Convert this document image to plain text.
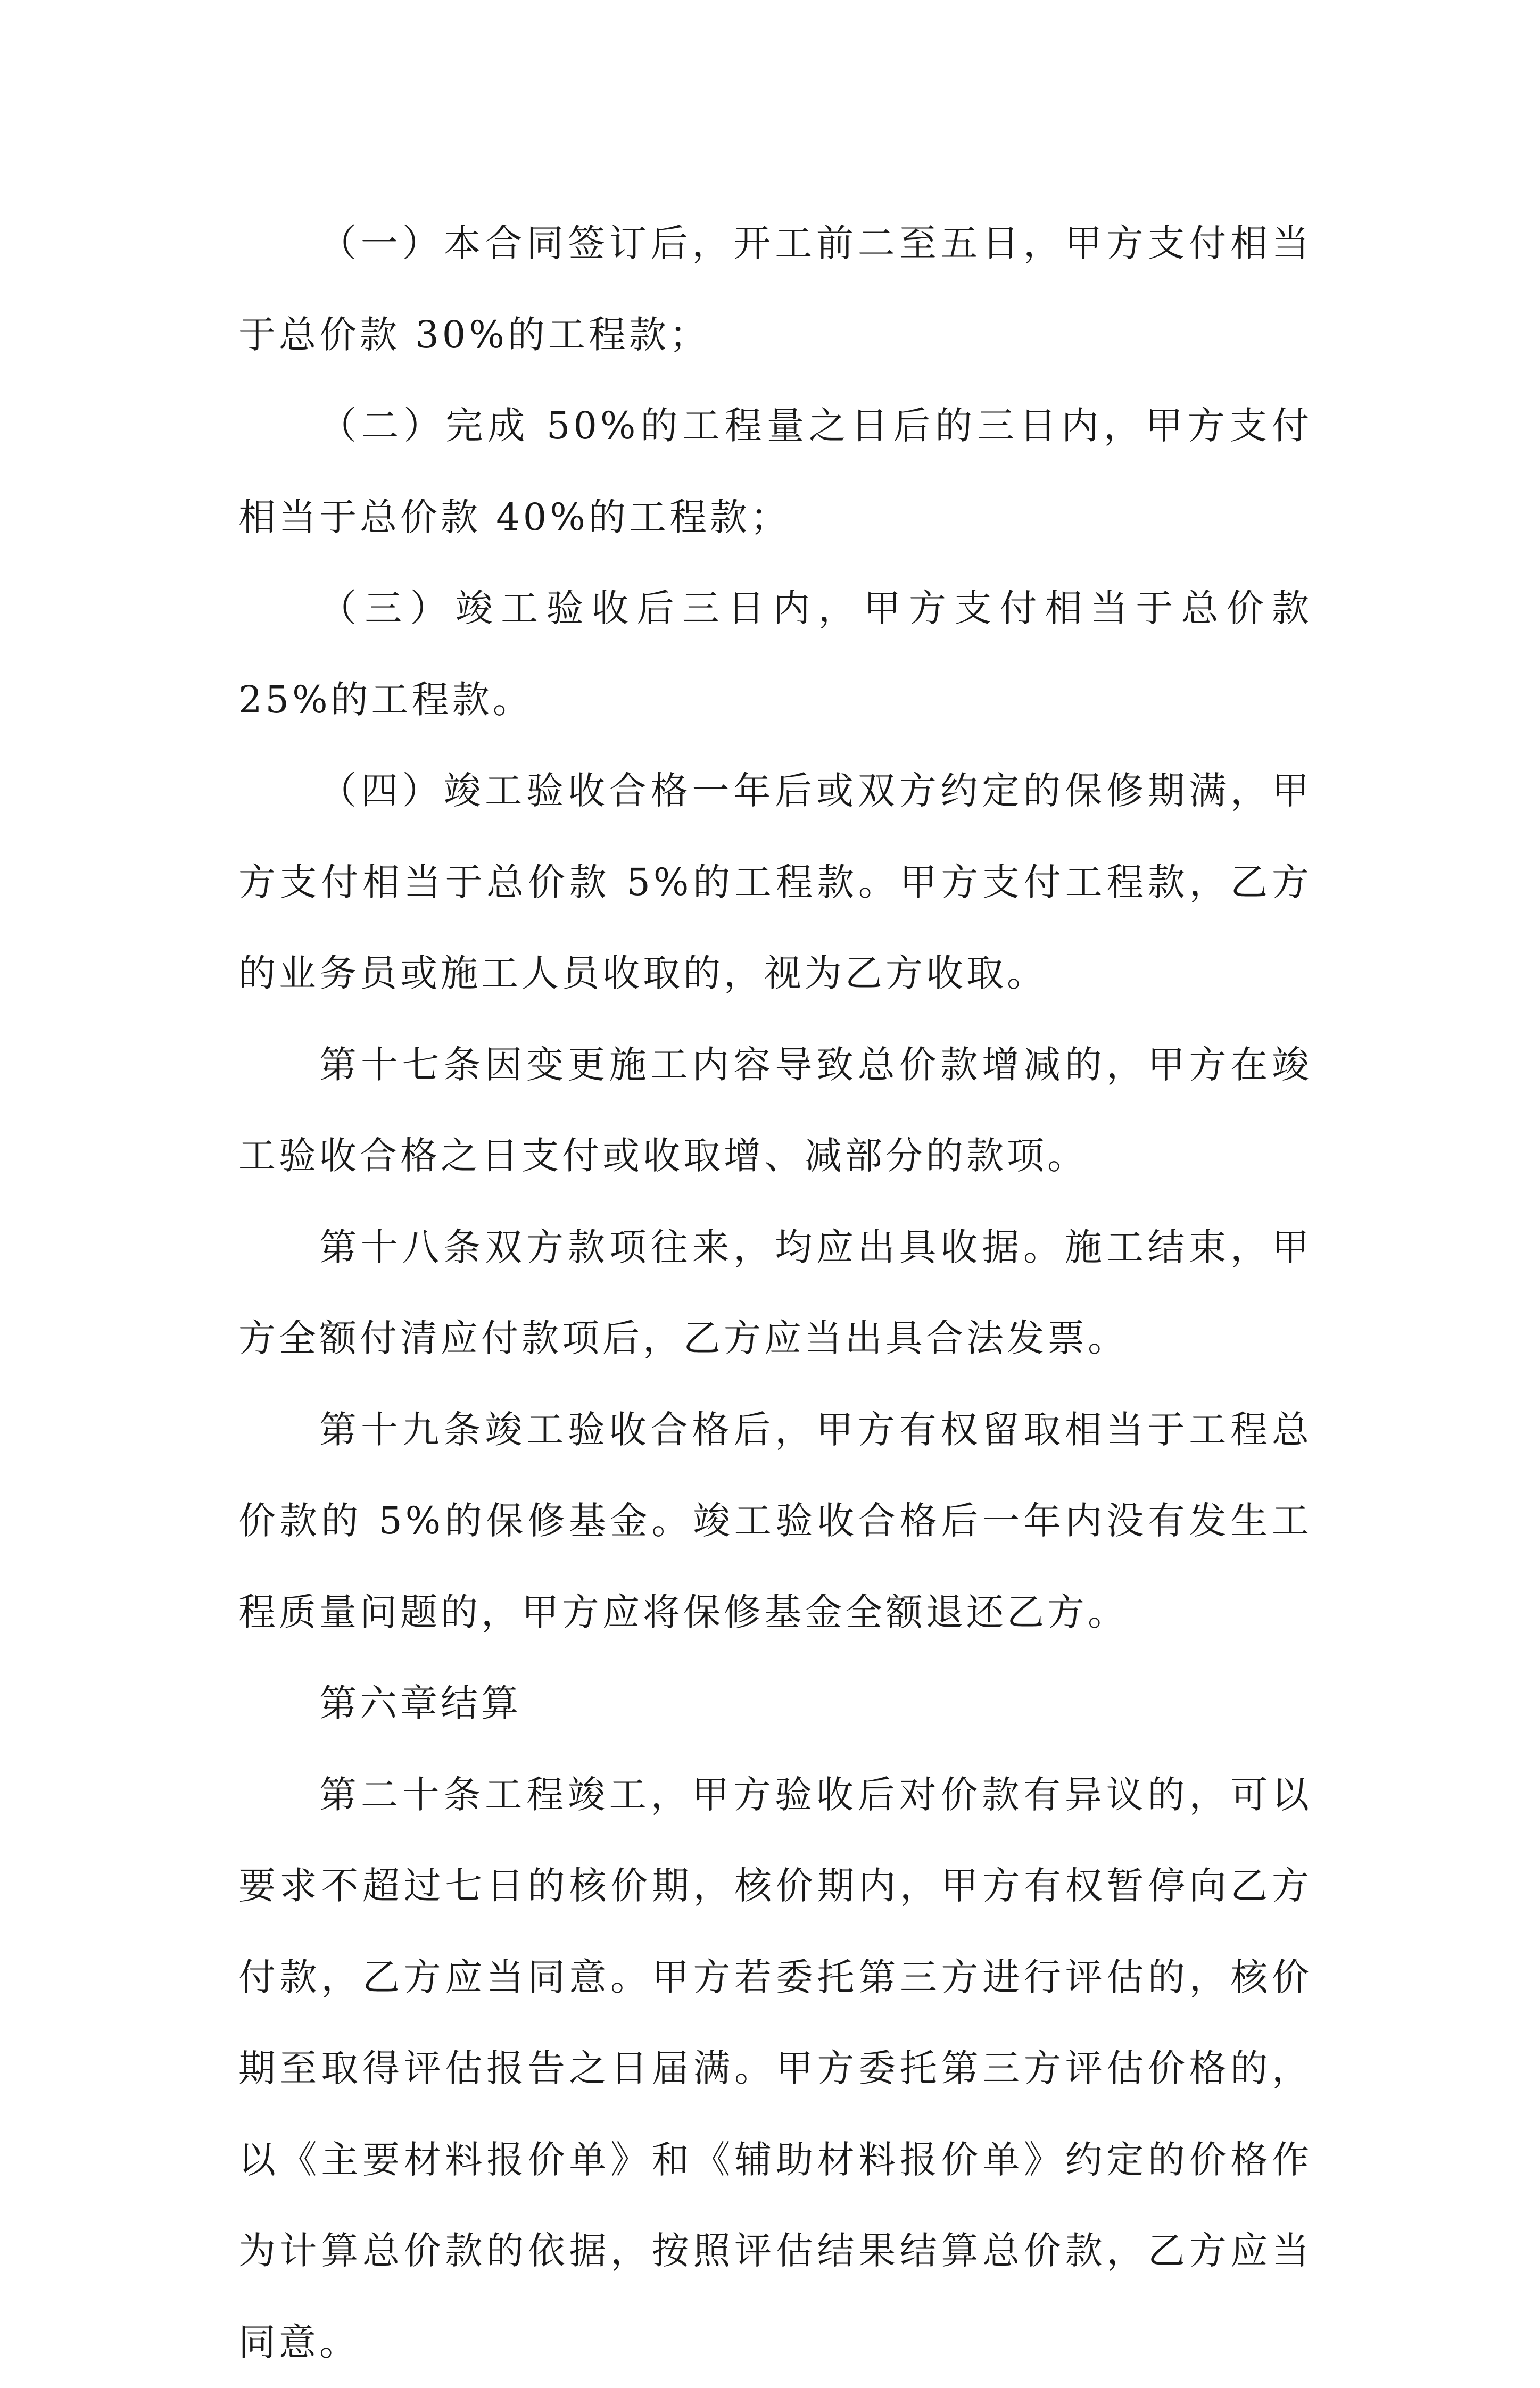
（一）本合同签订后，开工前二至五日，甲方支付相当于总价款 30%的工程款；

（二）完成 50%的工程量之日后的三日内，甲方支付相当于总价款 40%的工程款；

（三）竣工验收后三日内，甲方支付相当于总价款 25%的工程款。

（四）竣工验收合格一年后或双方约定的保修期满，甲方支付相当于总价款 5%的工程款。甲方支付工程款，乙方的业务员或施工人员收取的，视为乙方收取。

第十七条因变更施工内容导致总价款增减的，甲方在竣工验收合格之日支付或收取增、减部分的款项。

第十八条双方款项往来，均应出具收据。施工结束，甲方全额付清应付款项后，乙方应当出具合法发票。

第十九条竣工验收合格后，甲方有权留取相当于工程总价款的 5%的保修基金。竣工验收合格后一年内没有发生工程质量问题的，甲方应将保修基金全额退还乙方。

第六章结算

第二十条工程竣工，甲方验收后对价款有异议的，可以要求不超过七日的核价期，核价期内，甲方有权暂停向乙方付款，乙方应当同意。甲方若委托第三方进行评估的，核价期至取得评估报告之日届满。甲方委托第三方评估价格的，以《主要材料报价单》和《辅助材料报价单》约定的价格作为计算总价款的依据，按照评估结果结算总价款，乙方应当同意。
